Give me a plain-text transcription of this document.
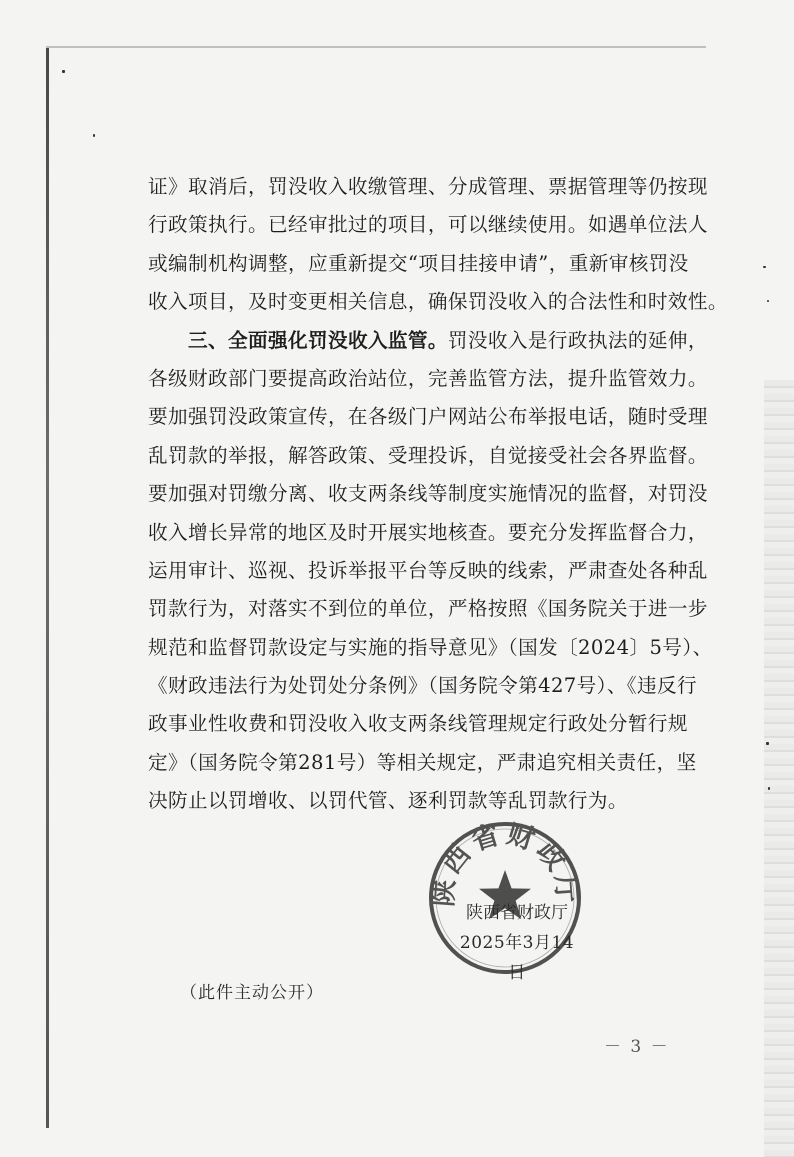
证》取消后，罚没收入收缴管理、分成管理、票据管理等仍按现
行政策执行。已经审批过的项目，可以继续使用。如遇单位法人
或编制机构调整，应重新提交“项目挂接申请”，重新审核罚没
收入项目，及时变更相关信息，确保罚没收入的合法性和时效性。
三、全面强化罚没收入监管。罚没收入是行政执法的延伸，
各级财政部门要提高政治站位，完善监管方法，提升监管效力。
要加强罚没政策宣传，在各级门户网站公布举报电话，随时受理
乱罚款的举报，解答政策、受理投诉，自觉接受社会各界监督。
要加强对罚缴分离、收支两条线等制度实施情况的监督，对罚没
收入增长异常的地区及时开展实地核查。要充分发挥监督合力，
运用审计、巡视、投诉举报平台等反映的线索，严肃查处各种乱
罚款行为，对落实不到位的单位，严格按照《国务院关于进一步
规范和监督罚款设定与实施的指导意见》（国发〔2024〕5号）、
《财政违法行为处罚处分条例》（国务院令第427号）、《违反行
政事业性收费和罚没收入收支两条线管理规定行政处分暂行规
定》（国务院令第281号）等相关规定，严肃追究相关责任，坚
决防止以罚增收、以罚代管、逐利罚款等乱罚款行为。
陕西省财政厅
陕西省财政厅
2025年3月14日
（此件主动公开）
－ 3 －
